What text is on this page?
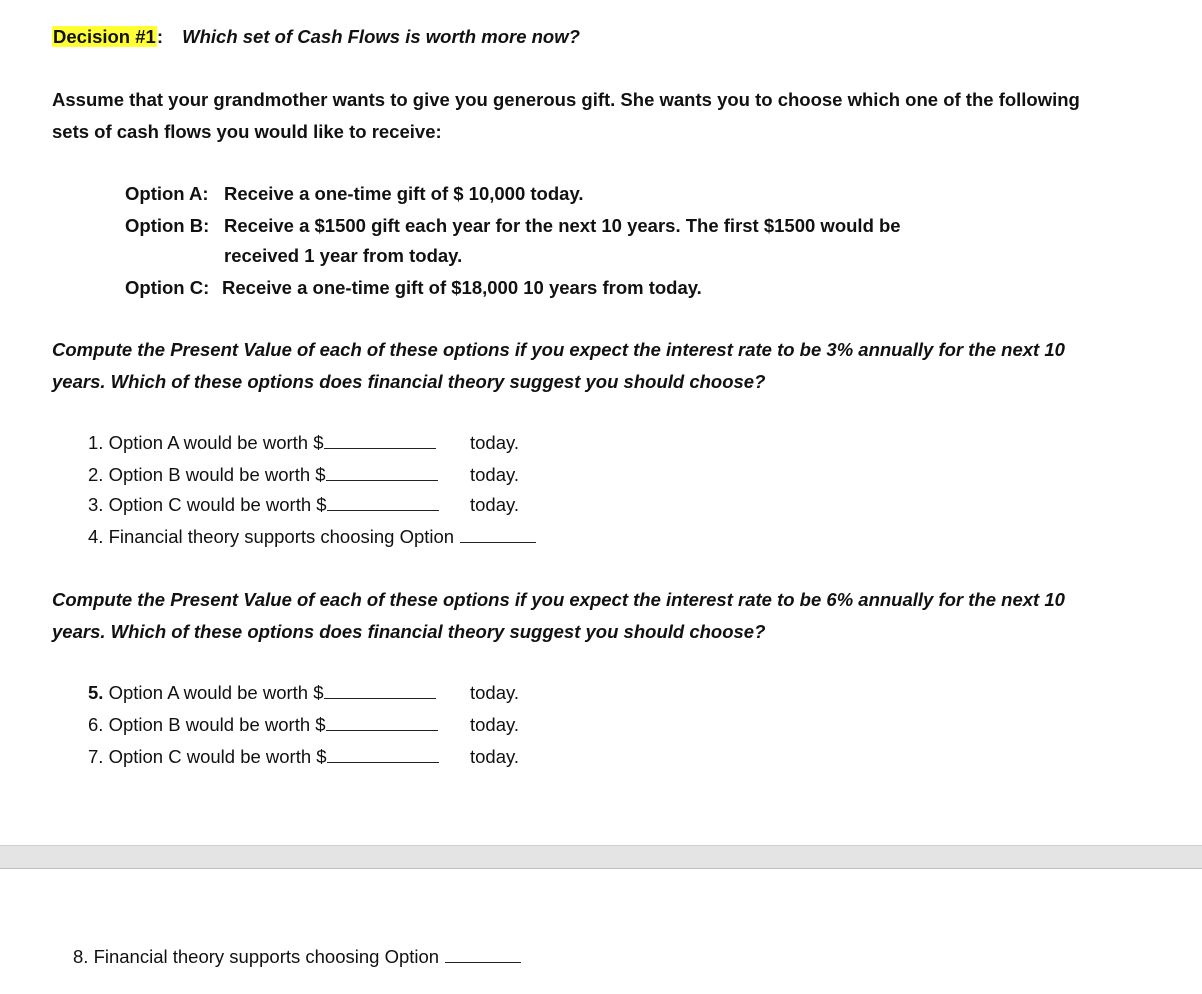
Decision #1: Which set of Cash Flows is worth more now?
Assume that your grandmother wants to give you generous gift. She wants you to choose which one of the following
sets of cash flows you would like to receive:
Option A: Receive a one-time gift of $ 10,000 today.
Option B: Receive a $1500 gift each year for the next 10 years. The first $1500 would be
received 1 year from today.
Option C: Receive a one-time gift of $18,000 10 years from today.
Compute the Present Value of each of these options if you expect the interest rate to be 3% annually for the next 10
years. Which of these options does financial theory suggest you should choose?
1. Option A would be worth $	today.
2. Option B would be worth $	today.
3. Option C would be worth $	today.
4. Financial theory supports choosing Option
Compute the Present Value of each of these options if you expect the interest rate to be 6% annually for the next 10
years. Which of these options does financial theory suggest you should choose?
5. Option A would be worth $	today.
6. Option B would be worth $	today.
7. Option C would be worth $	today.
8. Financial theory supports choosing Option
